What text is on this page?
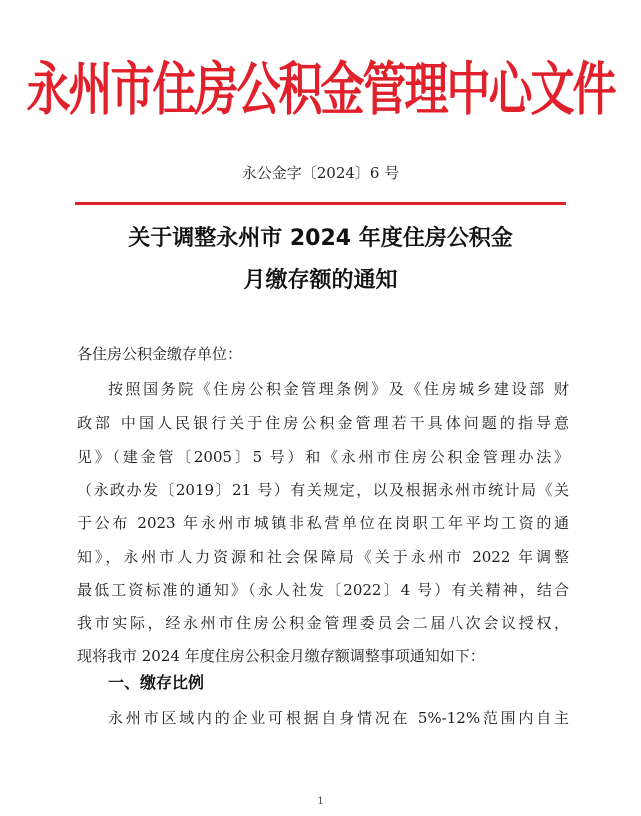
永州市住房公积金管理中心文件
永公金字〔2024〕6 号
关于调整永州市 2024 年度住房公积金
月缴存额的通知
各住房公积金缴存单位：
按照国务院《住房公积金管理条例》及《住房城乡建设部 财
政部 中国人民银行关于住房公积金管理若干具体问题的指导意
见》（建金管〔2005〕5 号）和《永州市住房公积金管理办法》
（永政办发〔2019〕21 号）有关规定，以及根据永州市统计局《关
于公布 2023 年永州市城镇非私营单位在岗职工年平均工资的通
知》，永州市人力资源和社会保障局《关于永州市 2022 年调整
最低工资标准的通知》（永人社发〔2022〕4 号）有关精神，结合
我市实际，经永州市住房公积金管理委员会二届八次会议授权，
现将我市 2024 年度住房公积金月缴存额调整事项通知如下：
一、缴存比例
永州市区域内的企业可根据自身情况在 5%-12%范围内自主
1
